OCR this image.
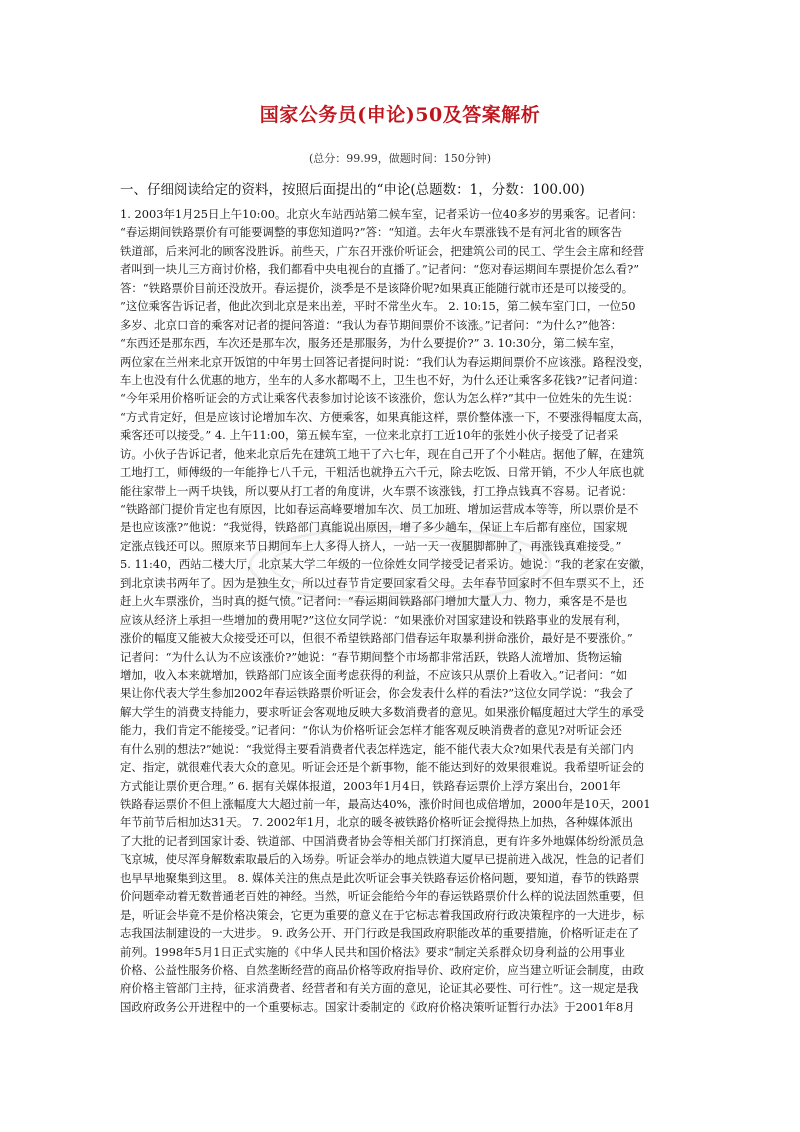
国家公务员(申论)50及答案解析
(总分：99.99，做题时间：150分钟)
一、仔细阅读给定的资料，按照后面提出的“申论(总题数：1，分数：100.00)

1. 2003年1月25日上午10:00。北京火车站西站第二候车室，记者采访一位40多岁的男乘客。记者问：

“春运期间铁路票价有可能要调整的事您知道吗?”答：“知道。去年火车票涨钱不是有河北省的顾客告

铁道部，后来河北的顾客没胜诉。前些天，广东召开涨价听证会，把建筑公司的民工、学生会主席和经营

者叫到一块儿三方商讨价格，我们都看中央电视台的直播了。”记者问：“您对春运期间车票提价怎么看?”

答：“铁路票价目前还没放开。春运提价，淡季是不是该降价呢?如果真正能随行就市还是可以接受的。

”这位乘客告诉记者，他此次到北京是来出差，平时不常坐火车。 2. 10:15，第二候车室门口，一位50

多岁、北京口音的乘客对记者的提问答道：“我认为春节期间票价不该涨。”记者问：“为什么?”他答：

“东西还是那东西，车次还是那车次，服务还是那服务，为什么要提价?” 3. 10:30分，第二候车室，

两位家在兰州来北京开饭馆的中年男士回答记者提问时说：“我们认为春运期间票价不应该涨。路程没变，

车上也没有什么优惠的地方，坐车的人多水都喝不上，卫生也不好，为什么还让乘客多花钱?”记者问道：

“今年采用价格听证会的方式让乘客代表参加讨论该不该涨价，您认为怎么样?”其中一位姓朱的先生说：

“方式肯定好，但是应该讨论增加车次、方便乘客，如果真能这样，票价整体涨一下，不要涨得幅度太高，

乘客还可以接受。” 4. 上午11:00，第五候车室，一位来北京打工近10年的张姓小伙子接受了记者采

访。小伙子告诉记者，他来北京后先在建筑工地干了六七年，现在自己开了个小鞋店。据他了解，在建筑

工地打工，师傅级的一年能挣七八千元，干粗活也就挣五六千元，除去吃饭、日常开销，不少人年底也就

能往家带上一两千块钱，所以要从打工者的角度讲，火车票不该涨钱，打工挣点钱真不容易。记者说：

“铁路部门提价肯定也有原因，比如春运高峰要增加车次、员工加班、增加运营成本等等，所以票价是不

是也应该涨?”他说：“我觉得，铁路部门真能说出原因，增了多少趟车，保证上车后都有座位，国家规

定涨点钱还可以。照原来节日期间车上人多得人挤人，一站一天一夜腿脚都肿了，再涨钱真难接受。”

5. 11:40，西站二楼大厅，北京某大学二年级的一位徐姓女同学接受记者采访。她说：“我的老家在安徽，

到北京读书两年了。因为是独生女，所以过春节肯定要回家看父母。去年春节回家时不但车票买不上，还

赶上火车票涨价，当时真的挺气愤。”记者问：“春运期间铁路部门增加大量人力、物力，乘客是不是也

应该从经济上承担一些增加的费用呢?”这位女同学说：“如果涨价对国家建设和铁路事业的发展有利，

涨价的幅度又能被大众接受还可以，但很不希望铁路部门借春运年取暴利拼命涨价，最好是不要涨价。”

记者问：“为什么认为不应该涨价?”她说：“春节期间整个市场都非常活跃，铁路人流增加、货物运输

增加，收入本来就增加，铁路部门应该全面考虑获得的利益，不应该只从票价上看收入。”记者问：“如

果让你代表大学生参加2002年春运铁路票价听证会，你会发表什么样的看法?”这位女同学说：“我会了

解大学生的消费支持能力，要求听证会客观地反映大多数消费者的意见。如果涨价幅度超过大学生的承受

能力，我们肯定不能接受。”记者问：“你认为价格听证会怎样才能客观反映消费者的意见?对听证会还

有什么别的想法?”她说：“我觉得主要看消费者代表怎样选定，能不能代表大众?如果代表是有关部门内

定、指定，就很难代表大众的意见。听证会还是个新事物，能不能达到好的效果很难说。我希望听证会的

方式能让票价更合理。” 6. 据有关媒体报道，2003年1月4日，铁路春运票价上浮方案出台，2001年

铁路春运票价不但上涨幅度大大超过前一年，最高达40%，涨价时间也成倍增加，2000年是10天，2001

年节前节后相加达31天。 7. 2002年1月，北京的暖冬被铁路价格听证会搅得热上加热，各种媒体派出

了大批的记者到国家计委、铁道部、中国消费者协会等相关部门打探消息，更有许多外地媒体纷纷派员急

飞京城，使尽浑身解数索取最后的入场券。听证会举办的地点铁道大厦早已提前进入战况，性急的记者们

也早早地聚集到这里。 8. 媒体关注的焦点是此次听证会事关铁路春运价格问题，要知道，春节的铁路票

价问题牵动着无数普通老百姓的神经。当然，听证会能给今年的春运铁路票价什么样的说法固然重要，但

是，听证会毕竟不是价格决策会，它更为重要的意义在于它标志着我国政府行政决策程序的一大进步，标

志我国法制建设的一大进步。 9. 政务公开、开门行政是我国政府职能改革的重要措施，价格听证走在了

前列。1998年5月1日正式实施的《中华人民共和国价格法》要求“制定关系群众切身利益的公用事业

价格、公益性服务价格、自然垄断经营的商品价格等政府指导价、政府定价，应当建立听证会制度，由政

府价格主管部门主持，征求消费者、经营者和有关方面的意见，论证其必要性、可行性”。这一规定是我

国政府政务公开进程中的一个重要标志。国家计委制定的《政府价格决策听证暂行办法》于2001年8月
